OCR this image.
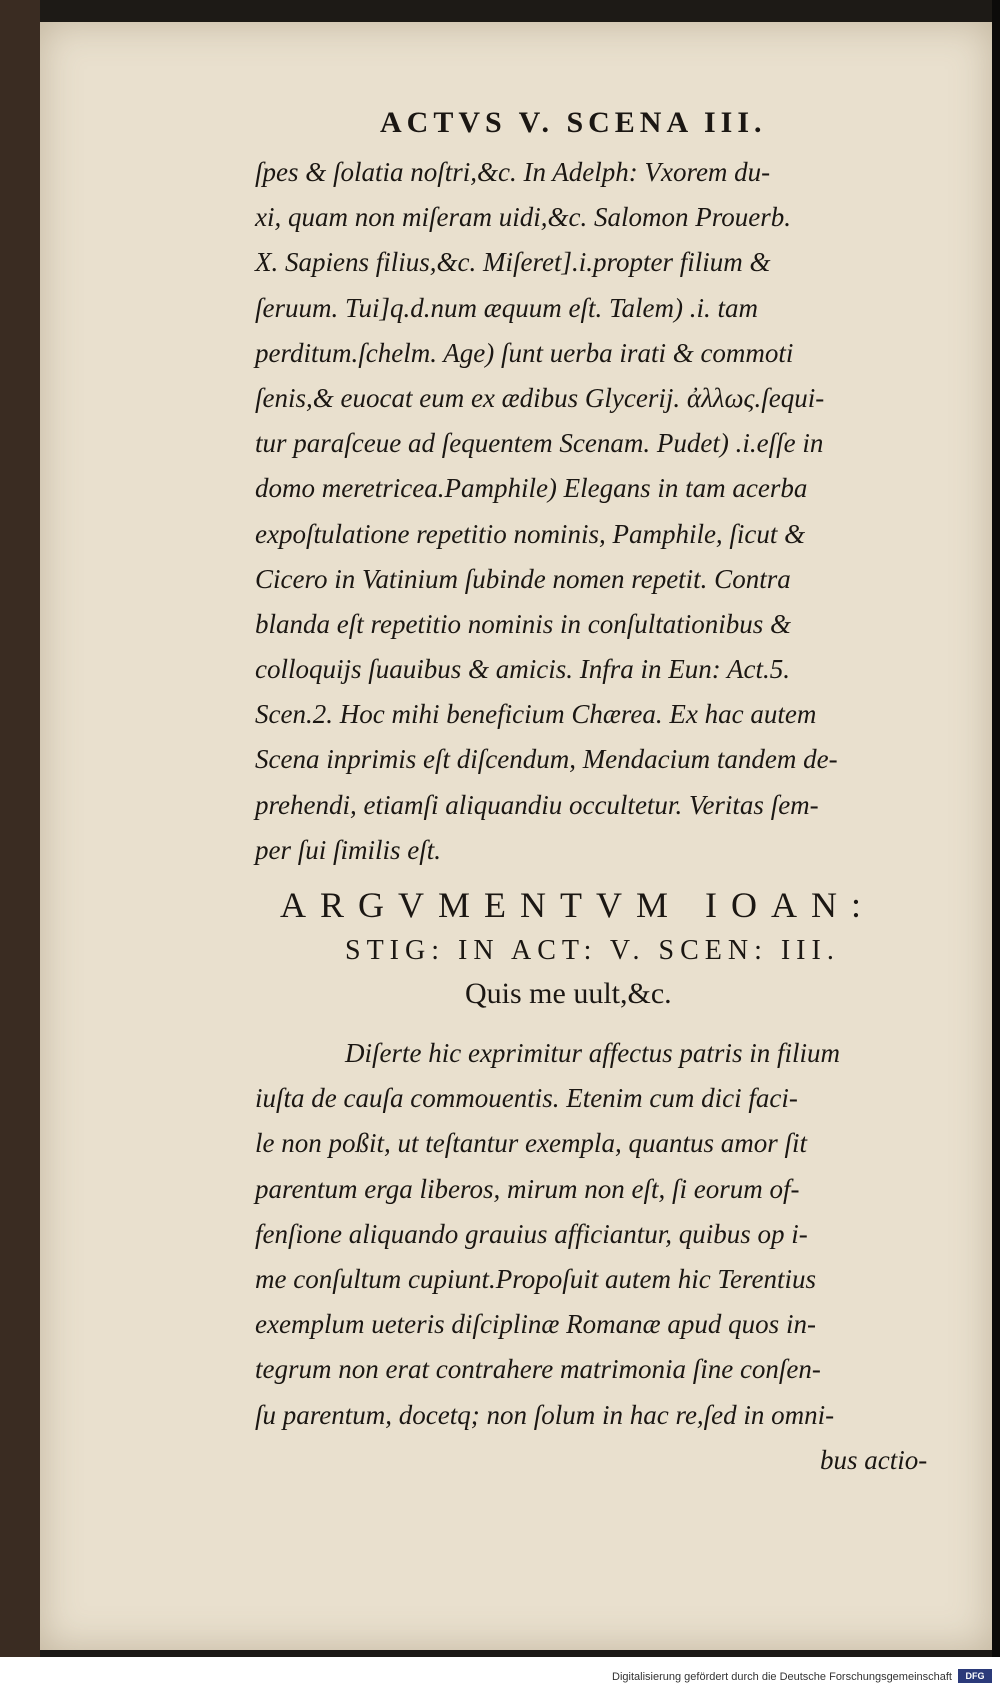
ACTVS V. SCENA III.
ſpes & ſolatia noſtri,&c. In Adelph: Vxorem du-
xi, quam non miſeram uidi,&c. Salomon Prouerb.
X. Sapiens filius,&c. Miſeret].i.propter filium &
ſeruum. Tui]q.d.num æquum eſt. Talem) .i. tam
perditum.ſchelm. Age) ſunt uerba irati & commoti
ſenis,& euocat eum ex ædibus Glycerij. ἀλλως.ſequi-
tur paraſceue ad ſequentem Scenam. Pudet) .i.eſſe in
domo meretricea.Pamphile) Elegans in tam acerba
expoſtulatione repetitio nominis, Pamphile, ſicut &
Cicero in Vatinium ſubinde nomen repetit. Contra
blanda eſt repetitio nominis in conſultationibus &
colloquijs ſuauibus & amicis. Infra in Eun: Act.5.
Scen.2. Hoc mihi beneficium Chærea. Ex hac autem
Scena inprimis eſt diſcendum, Mendacium tandem de-
prehendi, etiamſi aliquandiu occultetur. Veritas ſem-
per ſui ſimilis eſt.
ARGVMENTVM IOAN:
STIG: IN ACT: V. SCEN: III.
Quis me uult,&c.
Diſerte hic exprimitur affectus patris in filium
iuſta de cauſa commouentis. Etenim cum dici faci-
le non poßit, ut teſtantur exempla, quantus amor ſit
parentum erga liberos, mirum non eſt, ſi eorum of-
fenſione aliquando grauius afficiantur, quibus op i-
me conſultum cupiunt.Propoſuit autem hic Terentius
exemplum ueteris diſciplinæ Romanæ apud quos in-
tegrum non erat contrahere matrimonia ſine conſen-
ſu parentum, docetq; non ſolum in hac re,ſed in omni-
bus actio-
Digitalisierung gefördert durch die Deutsche Forschungsgemeinschaft	DFG
